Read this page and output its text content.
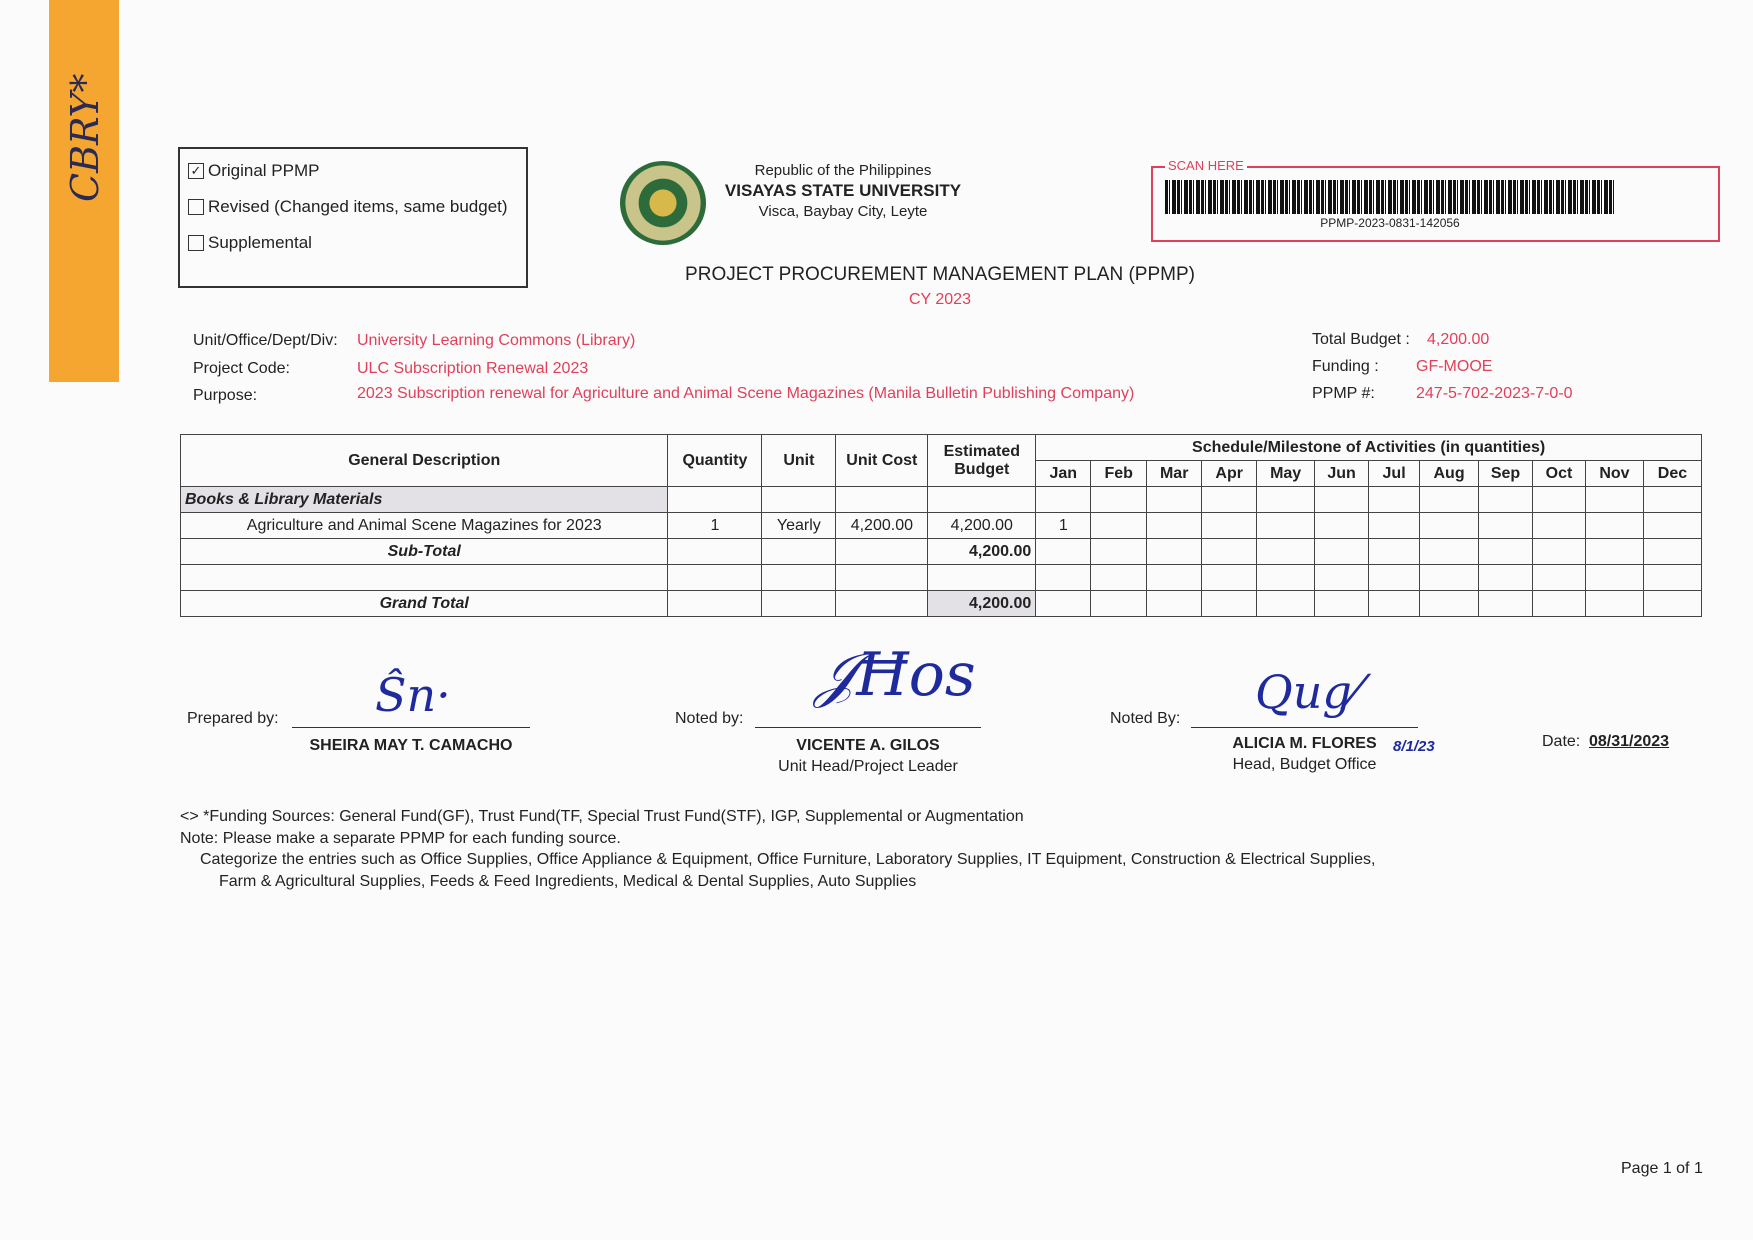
CBRY*	✓ Original PPMP
Revised (Changed items, same budget)
Supplemental
Republic of the Philippines
VISAYAS STATE UNIVERSITY
Visca, Baybay City, Leyte
SCAN HERE
PPMP-2023-0831-142056
PROJECT PROCUREMENT MANAGEMENT PLAN (PPMP)
CY 2023
Unit/Office/Dept/Div: University Learning Commons (Library)
Project Code:	ULC Subscription Renewal 2023
Purpose:	2023 Subscription renewal for Agriculture and Animal Scene Magazines (Manila Bulletin Publishing Company)
Total Budget : 4,200.00
Funding : GF-MOOE
PPMP #:	247-5-702-2023-7-0-0
General Description	Quantity	Unit	Unit Cost	Estimated Budget	Schedule/Milestone of Activities (in quantities)											
					Jan	Feb	Mar	Apr	May	Jun	Jul	Aug	Sep	Oct	Nov	Dec
Books & Library Materials																
Agriculture and Animal Scene Magazines for 2023	1	Yearly	4,200.00	4,200.00	1											
Sub-Total				4,200.00												

Grand Total				4,200.00												
Prepared by: Ŝn·
SHEIRA MAY T. CAMACHO
Noted by:
𝒥Ħos
VICENTE A. GILOS
Unit Head/Project Leader
Noted By: Qug⁄
ALICIA M. FLORES	8/1/23
Head, Budget Office
Date: 08/31/2023
<> *Funding Sources: General Fund(GF), Trust Fund(TF, Special Trust Fund(STF), IGP, Supplemental or Augmentation
Note: Please make a separate PPMP for each funding source.
Categorize the entries such as Office Supplies, Office Appliance & Equipment, Office Furniture, Laboratory Supplies, IT Equipment, Construction & Electrical Supplies,
Farm & Agricultural Supplies, Feeds & Feed Ingredients, Medical & Dental Supplies, Auto Supplies
Page 1 of 1
